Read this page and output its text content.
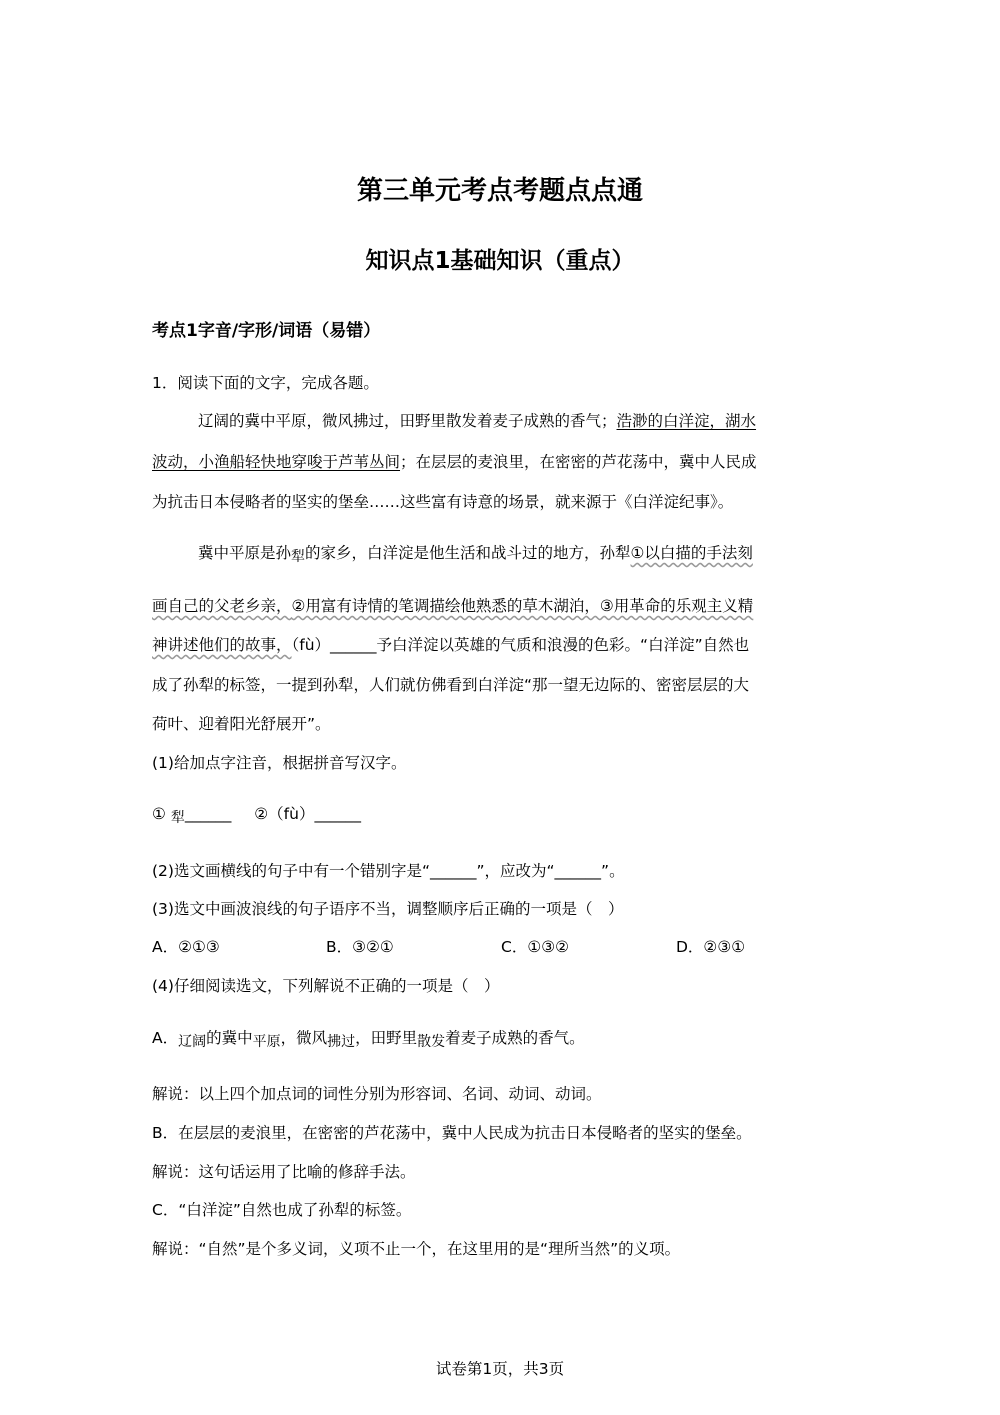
第三单元考点考题点点通
知识点1基础知识（重点）
考点1字音/字形/词语（易错）
1．阅读下面的文字，完成各题。
辽阔的冀中平原，微风拂过，田野里散发着麦子成熟的香气；浩渺的白洋淀，湖水
波动，小渔船轻快地穿唆于芦苇丛间；在层层的麦浪里，在密密的芦花荡中，冀中人民成
为抗击日本侵略者的坚实的堡垒……这些富有诗意的场景，就来源于《白洋淀纪事》。
冀中平原是孙犁的家乡，白洋淀是他生活和战斗过的地方，孙犁①以白描的手法刻
画自己的父老乡亲，②用富有诗情的笔调描绘他熟悉的草木湖泊，③用革命的乐观主义精
神讲述他们的故事，（fù）______予白洋淀以英雄的气质和浪漫的色彩。“白洋淀”自然也
成了孙犁的标签，一提到孙犁，人们就仿佛看到白洋淀“那一望无边际的、密密层层的大
荷叶、迎着阳光舒展开”。
(1)给加点字注音，根据拼音写汉字。
① 犁______ ②（fù）______
(2)选文画横线的句子中有一个错别字是“______”，应改为“______”。
(3)选文中画波浪线的句子语序不当，调整顺序后正确的一项是（　）
A．②①③	B．③②①	C．①③②	D．②③①
(4)仔细阅读选文，下列解说不正确的一项是（　）
A．辽阔的冀中平原，微风拂过，田野里散发着麦子成熟的香气。
解说：以上四个加点词的词性分别为形容词、名词、动词、动词。
B．在层层的麦浪里，在密密的芦花荡中，冀中人民成为抗击日本侵略者的坚实的堡垒。
解说：这句话运用了比喻的修辞手法。
C．“白洋淀”自然也成了孙犁的标签。
解说：“自然”是个多义词，义项不止一个，在这里用的是“理所当然”的义项。
试卷第1页，共3页
